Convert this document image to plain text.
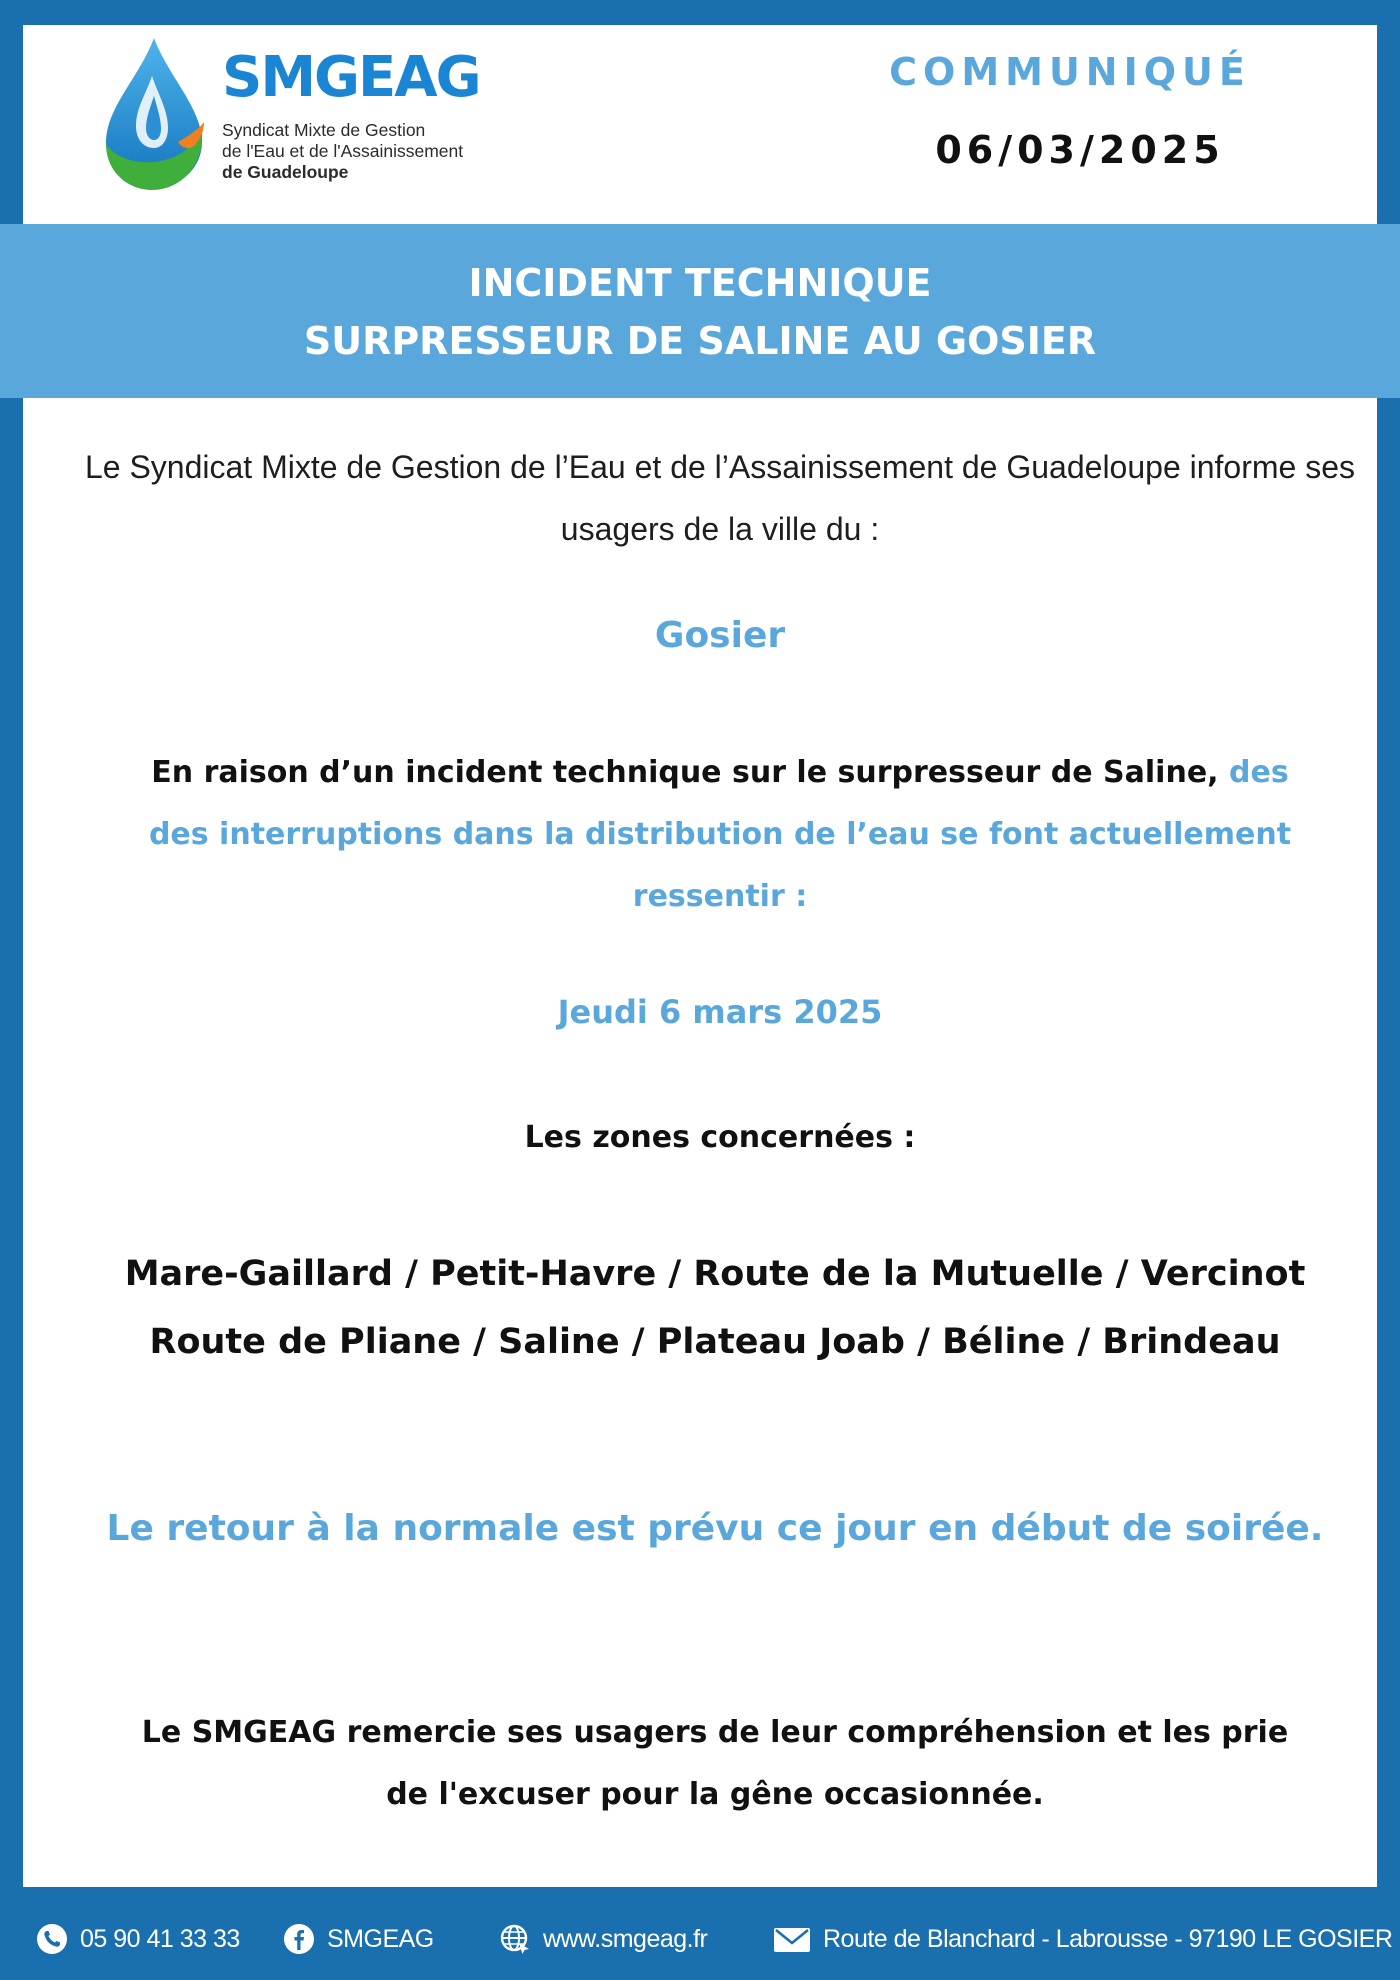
SMGEAG
Syndicat Mixte de Gestion
de l'Eau et de l'Assainissement
de Guadeloupe
COMMUNIQUÉ
06/03/2025
INCIDENT TECHNIQUE
SURPRESSEUR DE SALINE AU GOSIER
Le Syndicat Mixte de Gestion de l’Eau et de l’Assainissement de Guadeloupe informe ses usagers de la ville du :
Gosier
En raison d’un incident technique sur le surpresseur de Saline, des des interruptions dans la distribution de l’eau se font actuellement ressentir :
Jeudi 6 mars 2025
Les zones concernées :
Mare-Gaillard / Petit-Havre / Route de la Mutuelle / Vercinot
Route de Pliane / Saline / Plateau Joab / Béline / Brindeau
Le retour à la normale est prévu ce jour en début de soirée.
Le SMGEAG remercie ses usagers de leur compréhension et les prie
de l'excuser pour la gêne occasionnée.
05 90 41 33 33	SMGEAG	www.smgeag.fr	Route de Blanchard - Labrousse - 97190 LE GOSIER
